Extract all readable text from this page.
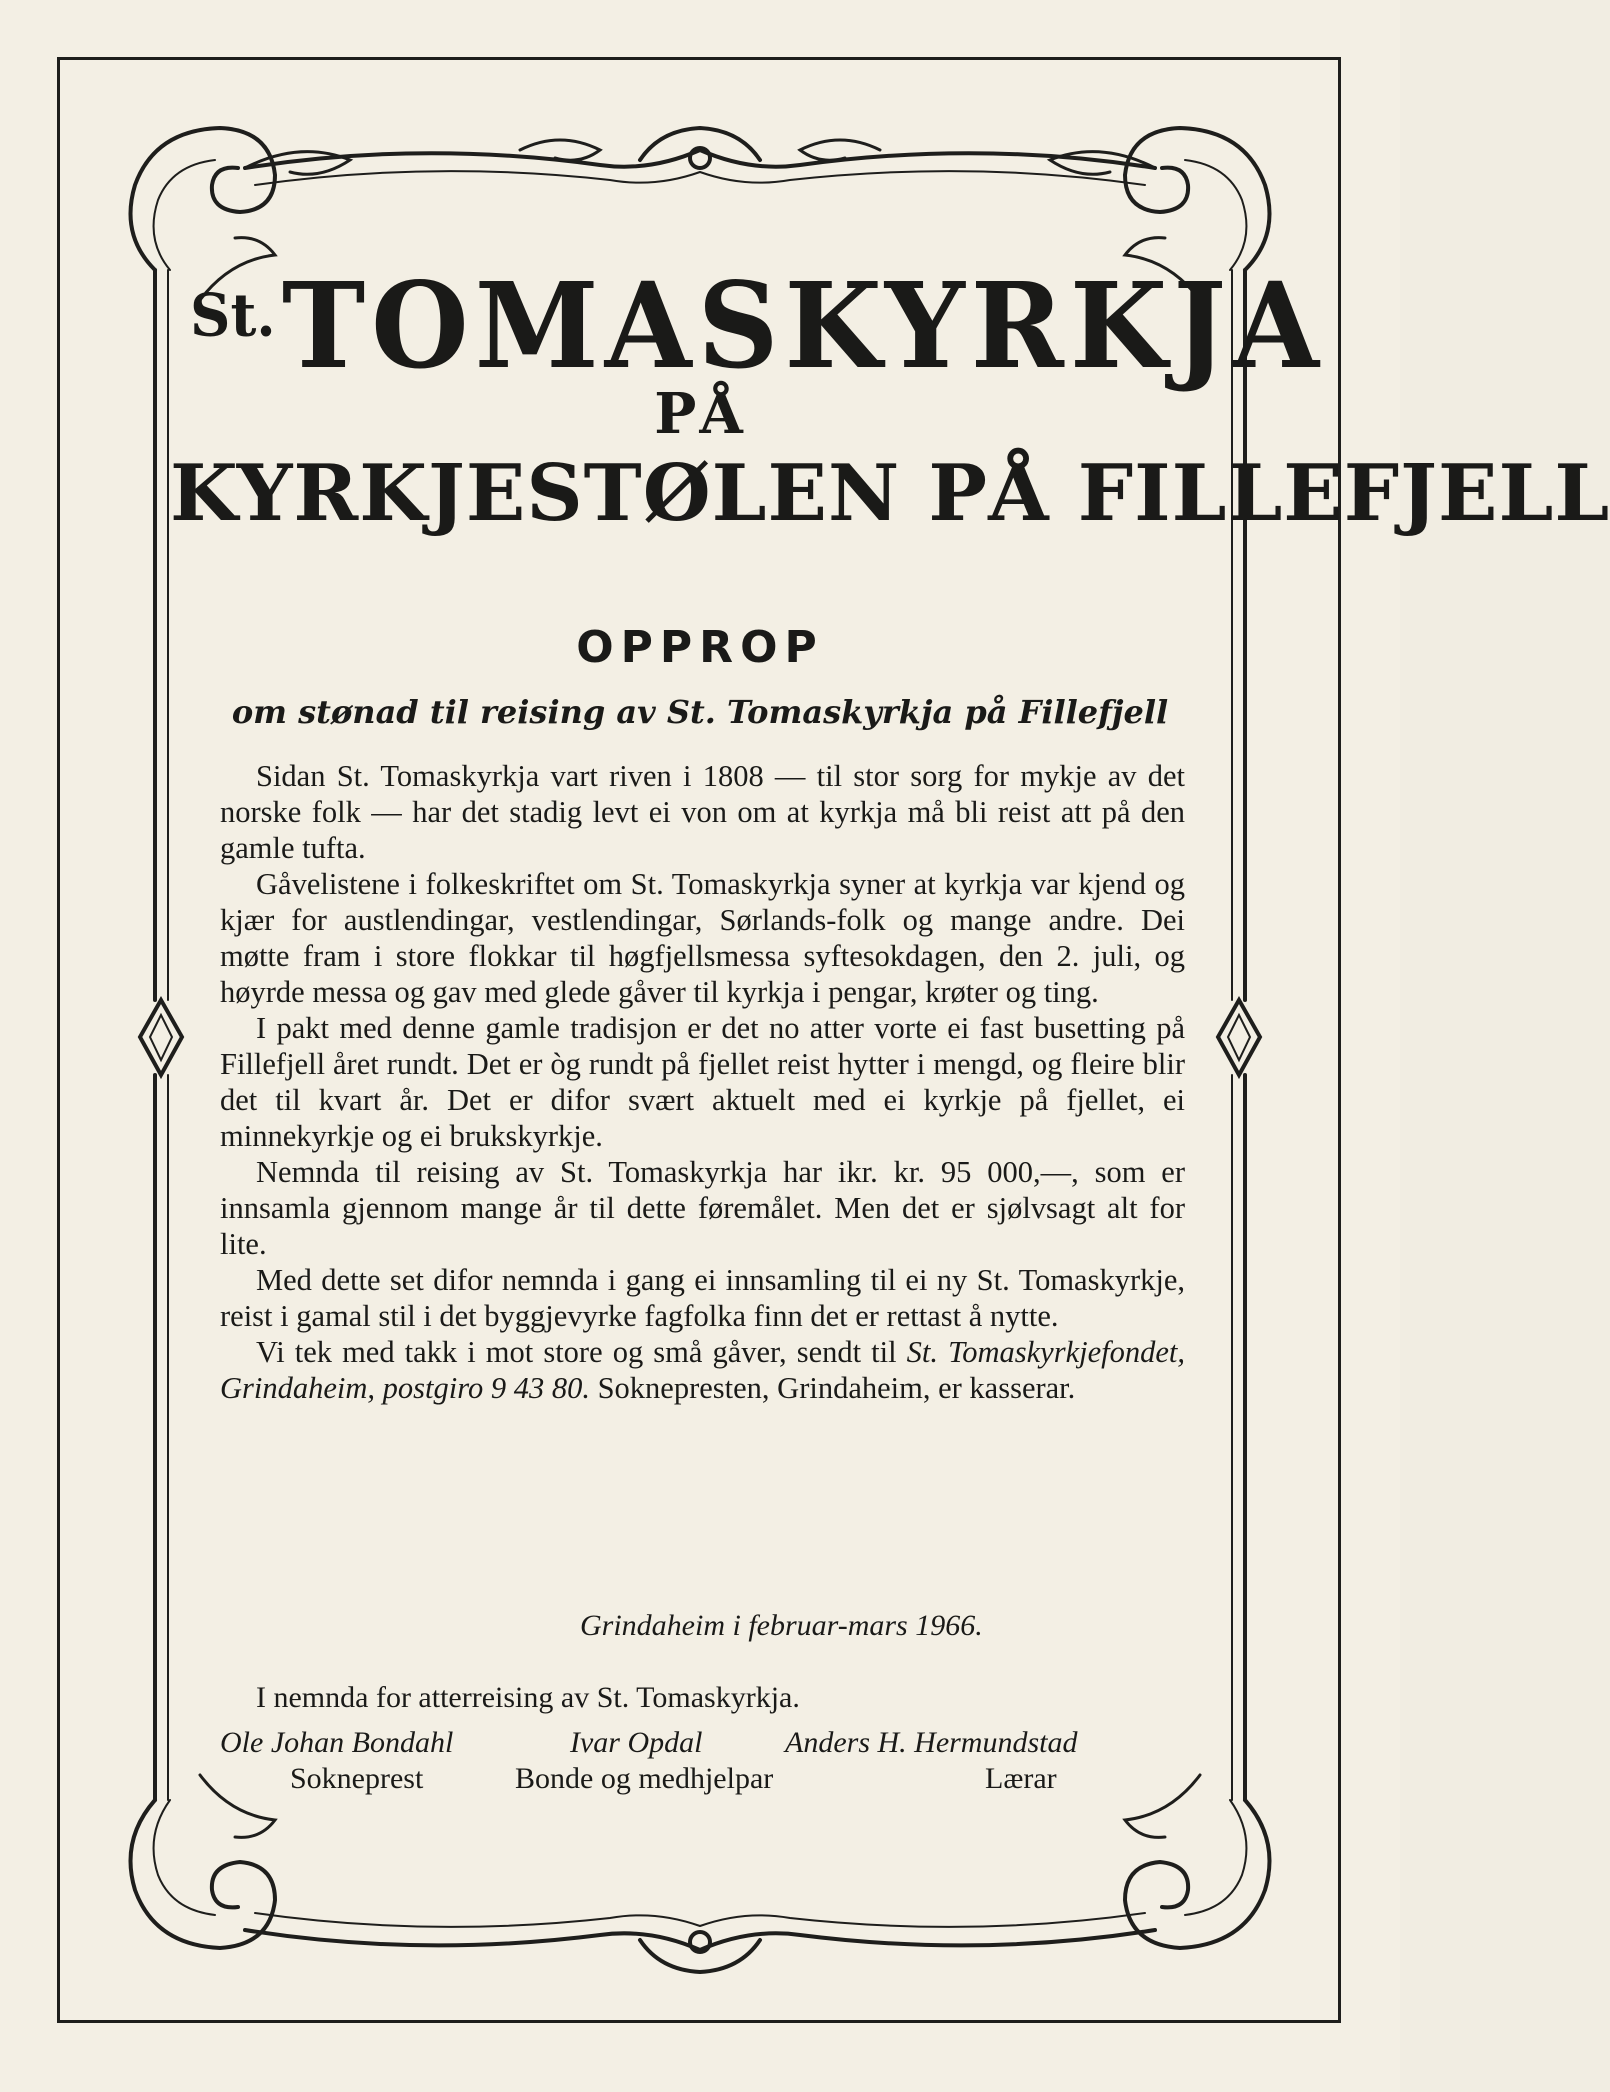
$^{St.}$TOMASKYRKJA
PÅ
KYRKJESTØLEN PÅ FILLEFJELL
OPPROP
om stønad til reising av St. Tomaskyrkja på Fillefjell

Sidan St. Tomaskyrkja vart riven i 1808 — til stor sorg for mykje av det norske folk — har det stadig levt ei von om at kyrkja må bli reist att på den gamle tufta.

Gåvelistene i folkeskriftet om St. Tomaskyrkja syner at kyrkja var kjend og kjær for austlendingar, vestlendingar, Sørlands-folk og mange andre. Dei møtte fram i store flokkar til høgfjellsmessa syftesokdagen, den 2. juli, og høyrde messa og gav med glede gåver til kyrkja i pengar, krøter og ting.

I pakt med denne gamle tradisjon er det no atter vorte ei fast busetting på Fillefjell året rundt. Det er òg rundt på fjellet reist hytter i mengd, og fleire blir det til kvart år. Det er difor svært aktuelt med ei kyrkje på fjellet, ei minnekyrkje og ei brukskyrkje.

Nemnda til reising av St. Tomaskyrkja har ikr. kr. 95 000,—, som er innsamla gjennom mange år til dette føremålet. Men det er sjølvsagt alt for lite.

Med dette set difor nemnda i gang ei innsamling til ei ny St. Tomaskyrkje, reist i gamal stil i det byggjevyrke fagfolka finn det er rettast å nytte.

Vi tek med takk i mot store og små gåver, sendt til St. Tomaskyrkjefondet, Grindaheim, postgiro 9 43 80. Soknepresten, Grindaheim, er kasserar.

Grindaheim i februar-mars 1966.
I nemnda for atterreising av St. Tomaskyrkja.
Ole Johan Bondahl	Ivar Opdal	Anders H. Hermundstad
Sokneprest	Bonde og medhjelpar	Lærar
